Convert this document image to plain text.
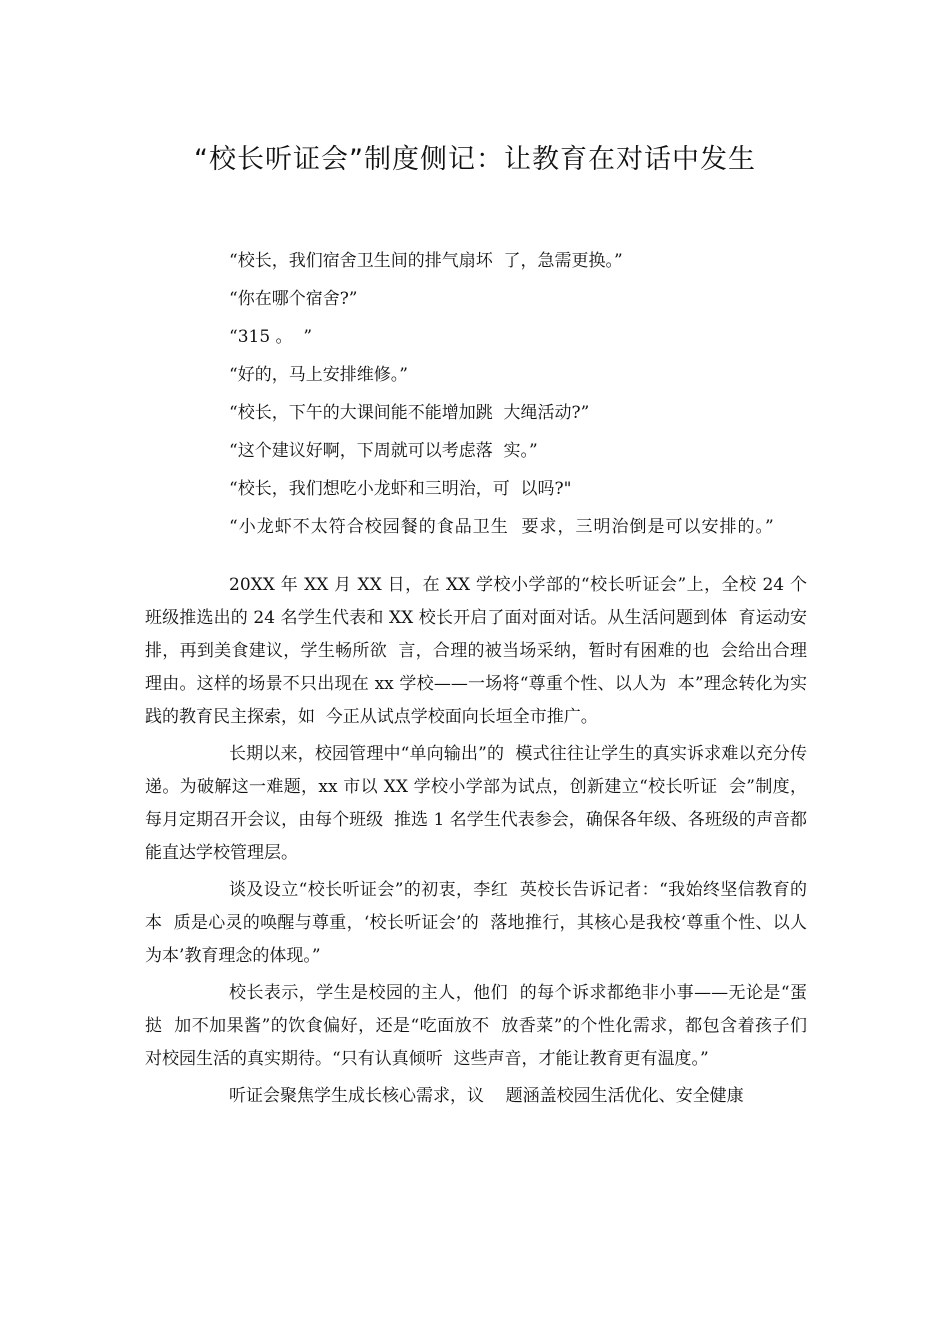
“校长听证会”制度侧记：让教育在对话中发生

“校长，我们宿舍卫生间的排气扇坏  了，急需更换。”

“你在哪个宿舍?”

“315 。  ”

“好的，马上安排维修。”

“校长，下午的大课间能不能增加跳  大绳活动?”

“这个建议好啊，下周就可以考虑落  实。”

“校长，我们想吃小龙虾和三明治，可  以吗?"

“小龙虾不太符合校园餐的食品卫生  要求，三明治倒是可以安排的。”

20XX 年 XX 月 XX 日，在 XX 学校小学部的“校长听证会”上，全校 24 个班级推选出的 24 名学生代表和 XX 校长开启了面对面对话。从生活问题到体  育运动安排，再到美食建议，学生畅所欲  言，合理的被当场采纳，暂时有困难的也  会给出合理理由。这样的场景不只出现在 xx 学校——一场将“尊重个性、以人为  本”理念转化为实践的教育民主探索，如  今正从试点学校面向长垣全市推广。

长期以来，校园管理中“单向输出”的  模式往往让学生的真实诉求难以充分传  递。为破解这一难题，xx 市以 XX 学校小学部为试点，创新建立“校长听证  会”制度，每月定期召开会议，由每个班级  推选 1 名学生代表参会，确保各年级、各班级的声音都能直达学校管理层。

谈及设立“校长听证会”的初衷，李红  英校长告诉记者：“我始终坚信教育的本  质是心灵的唤醒与尊重，‘校长听证会’的  落地推行，其核心是我校‘尊重个性、以人  为本’教育理念的体现。”

校长表示，学生是校园的主人，他们  的每个诉求都绝非小事——无论是“蛋挞  加不加果酱”的饮食偏好，还是“吃面放不  放香菜”的个性化需求，都包含着孩子们  对校园生活的真实期待。“只有认真倾听  这些声音，才能让教育更有温度。”

听证会聚焦学生成长核心需求，议    题涵盖校园生活优化、安全健康
